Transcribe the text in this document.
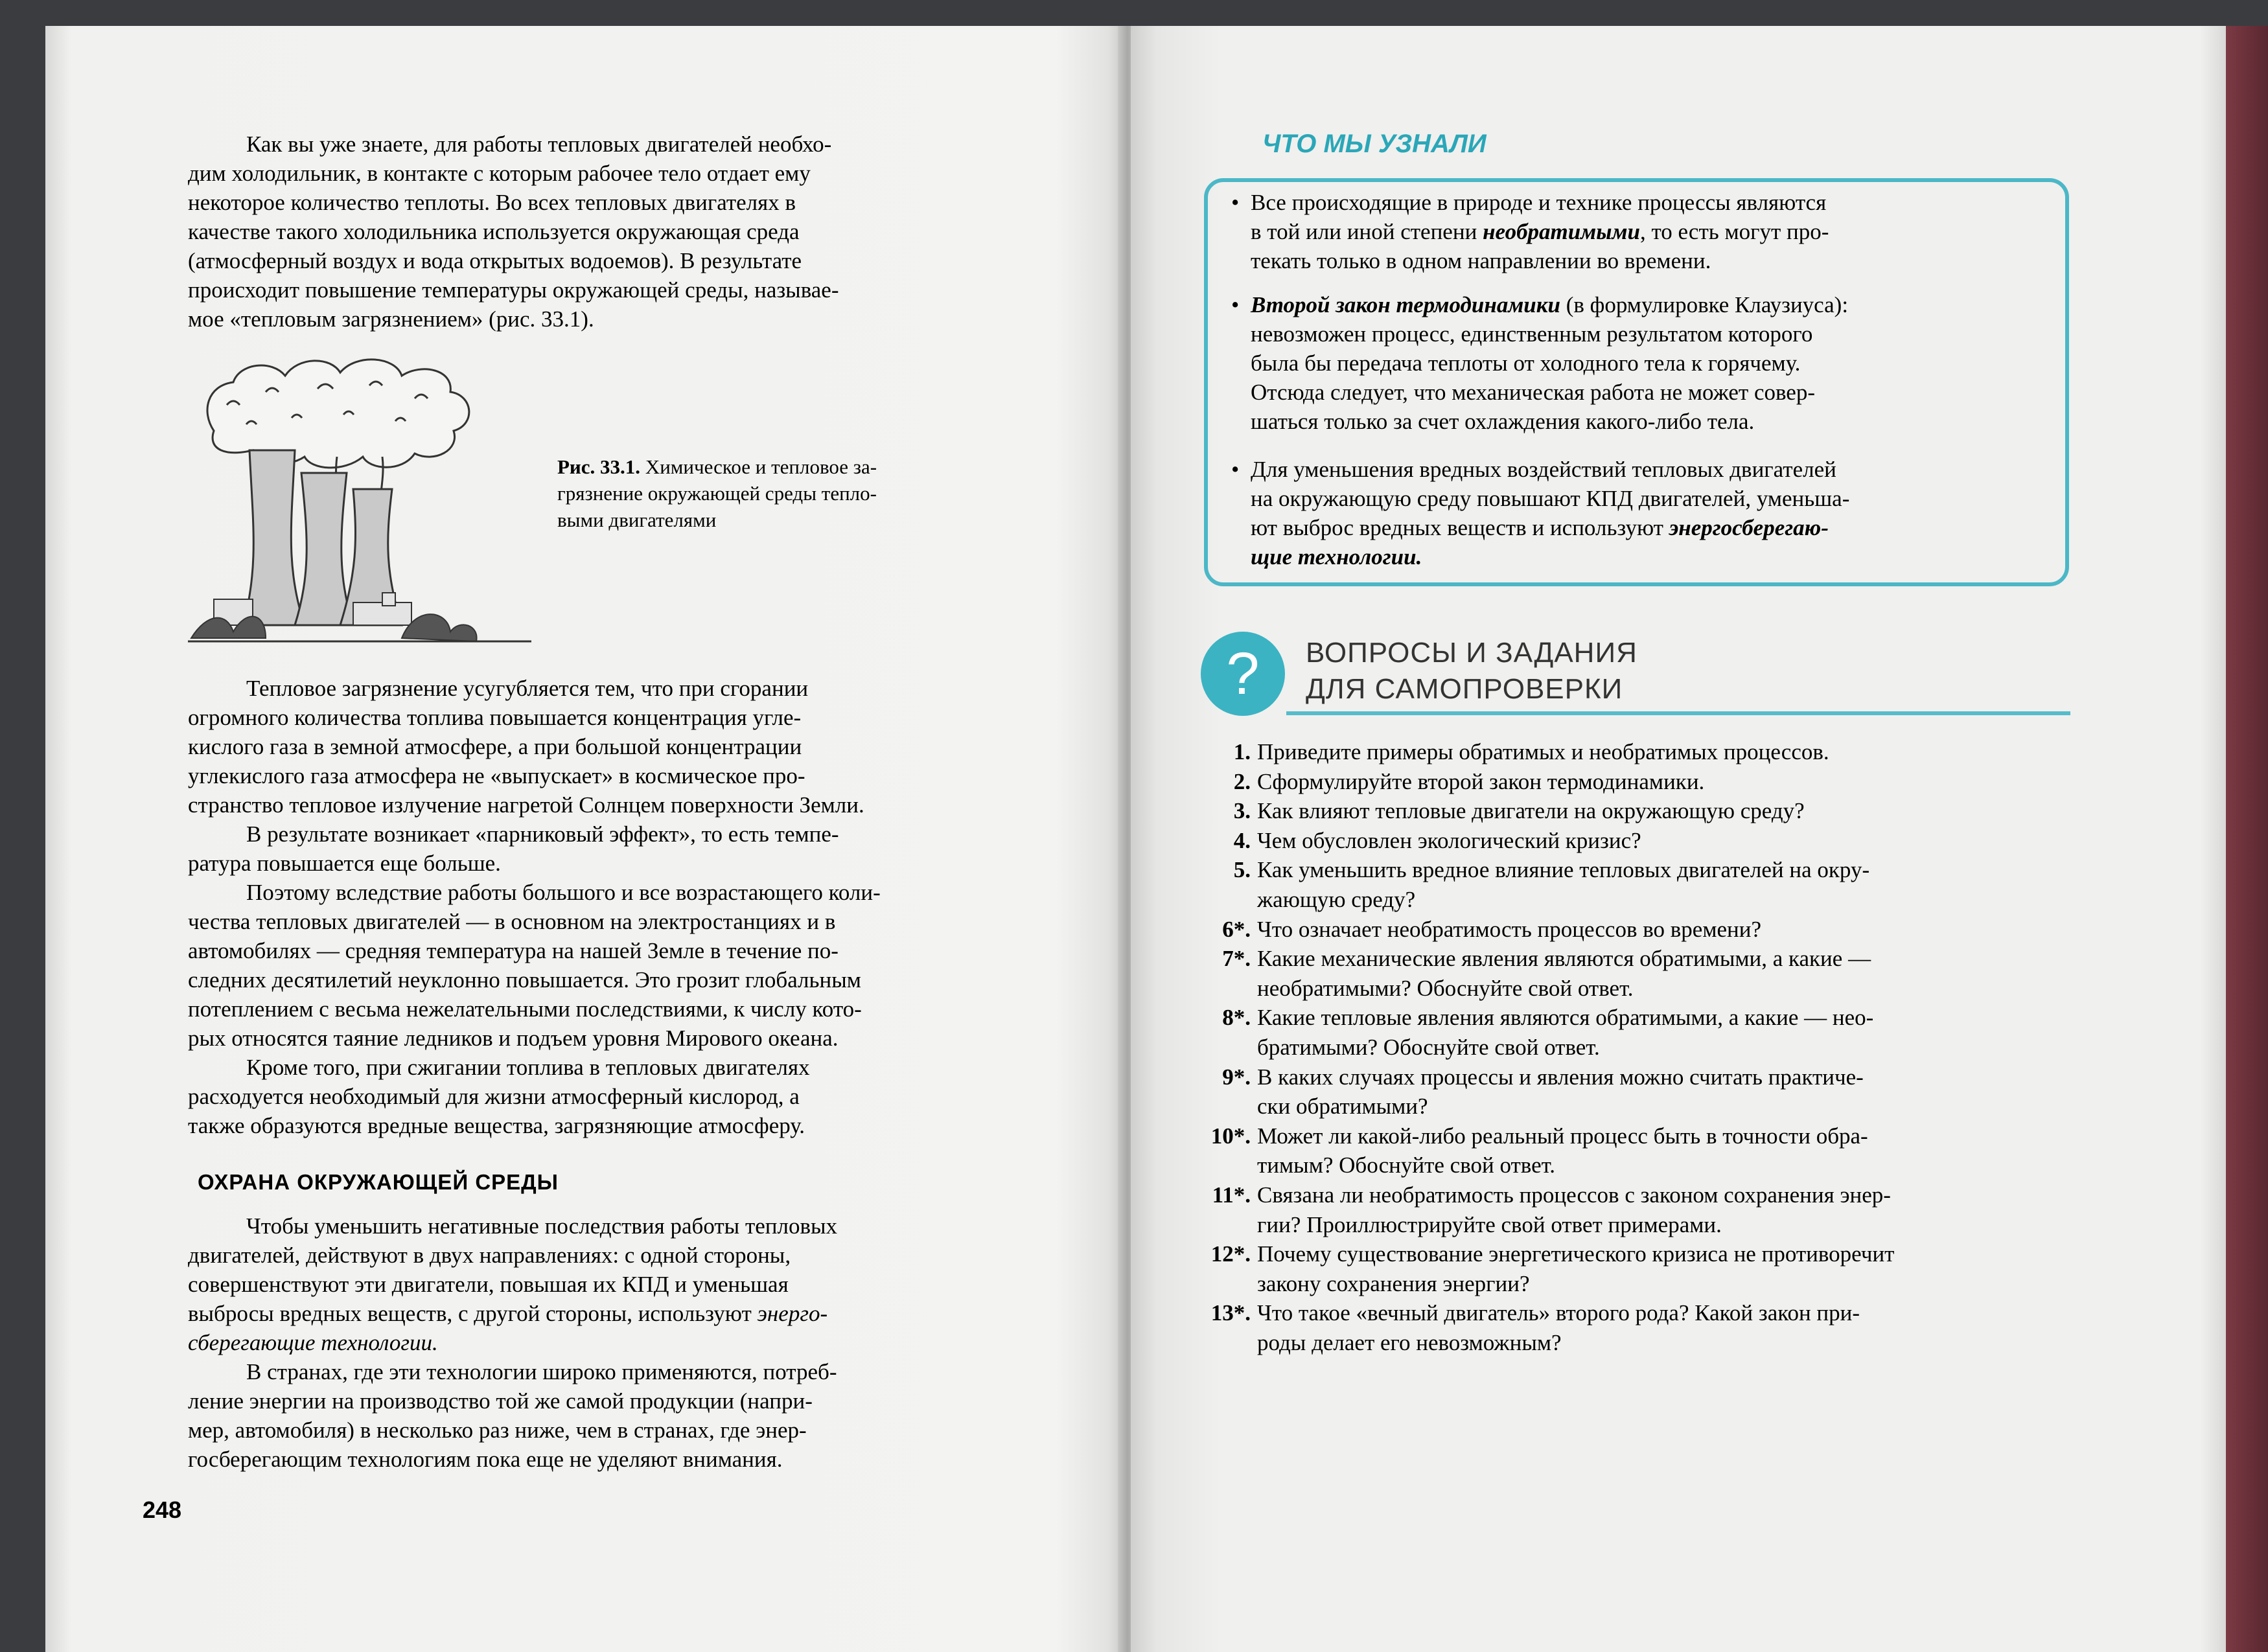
Как вы уже знаете, для работы тепловых двигателей необхо-
дим холодильник, в контакте с которым рабочее тело отдает ему
некоторое количество теплоты. Во всех тепловых двигателях в
качестве такого холодильника используется окружающая среда
(атмосферный воздух и вода открытых водоемов). В результате
происходит повышение температуры окружающей среды, называе-
мое «тепловым загрязнением» (рис. 33.1).
Рис. 33.1. Химическое и тепловое за-
грязнение окружающей среды тепло-
выми двигателями
Тепловое загрязнение усугубляется тем, что при сгорании
огромного количества топлива повышается концентрация угле-
кислого газа в земной атмосфере, а при большой концентрации
углекислого газа атмосфера не «выпускает» в космическое про-
странство тепловое излучение нагретой Солнцем поверхности Земли.
В результате возникает «парниковый эффект», то есть темпе-
ратура повышается еще больше.
Поэтому вследствие работы большого и все возрастающего коли-
чества тепловых двигателей — в основном на электростанциях и в
автомобилях — средняя температура на нашей Земле в течение по-
следних десятилетий неуклонно повышается. Это грозит глобальным
потеплением с весьма нежелательными последствиями, к числу кото-
рых относятся таяние ледников и подъем уровня Мирового океана.
Кроме того, при сжигании топлива в тепловых двигателях
расходуется необходимый для жизни атмосферный кислород, а
также образуются вредные вещества, загрязняющие атмосферу.
ОХРАНА ОКРУЖАЮЩЕЙ СРЕДЫ
Чтобы уменьшить негативные последствия работы тепловых
двигателей, действуют в двух направлениях: с одной стороны,
совершенствуют эти двигатели, повышая их КПД и уменьшая
выбросы вредных веществ, с другой стороны, используют энерго-
сберегающие технологии.
В странах, где эти технологии широко применяются, потреб-
ление энергии на производство той же самой продукции (напри-
мер, автомобиля) в несколько раз ниже, чем в странах, где энер-
госберегающим технологиям пока еще не уделяют внимания.
248
ЧТО МЫ УЗНАЛИ
• Все происходящие в природе и технике процессы являются
в той или иной степени необратимыми, то есть могут про-
текать только в одном направлении во времени.
• Второй закон термодинамики (в формулировке Клаузиуса):
невозможен процесс, единственным результатом которого
была бы передача теплоты от холодного тела к горячему.
Отсюда следует, что механическая работа не может совер-
шаться только за счет охлаждения какого-либо тела.
• Для уменьшения вредных воздействий тепловых двигателей
на окружающую среду повышают КПД двигателей, уменьша-
ют выброс вредных веществ и используют энергосберегаю-
щие технологии.
?	ВОПРОСЫ И ЗАДАНИЯ
ДЛЯ САМОПРОВЕРКИ
1. Приведите примеры обратимых и необратимых процессов.
2. Сформулируйте второй закон термодинамики.
3. Как влияют тепловые двигатели на окружающую среду?
4. Чем обусловлен экологический кризис?
5. Как уменьшить вредное влияние тепловых двигателей на окру-
жающую среду?
6*. Что означает необратимость процессов во времени?
7*. Какие механические явления являются обратимыми, а какие —
необратимыми? Обоснуйте свой ответ.
8*. Какие тепловые явления являются обратимыми, а какие — нео-
братимыми? Обоснуйте свой ответ.
9*. В каких случаях процессы и явления можно считать практиче-
ски обратимыми?
10*. Может ли какой-либо реальный процесс быть в точности обра-
тимым? Обоснуйте свой ответ.
11*. Связана ли необратимость процессов с законом сохранения энер-
гии? Проиллюстрируйте свой ответ примерами.
12*. Почему существование энергетического кризиса не противоречит
закону сохранения энергии?
13*. Что такое «вечный двигатель» второго рода? Какой закон при-
роды делает его невозможным?
